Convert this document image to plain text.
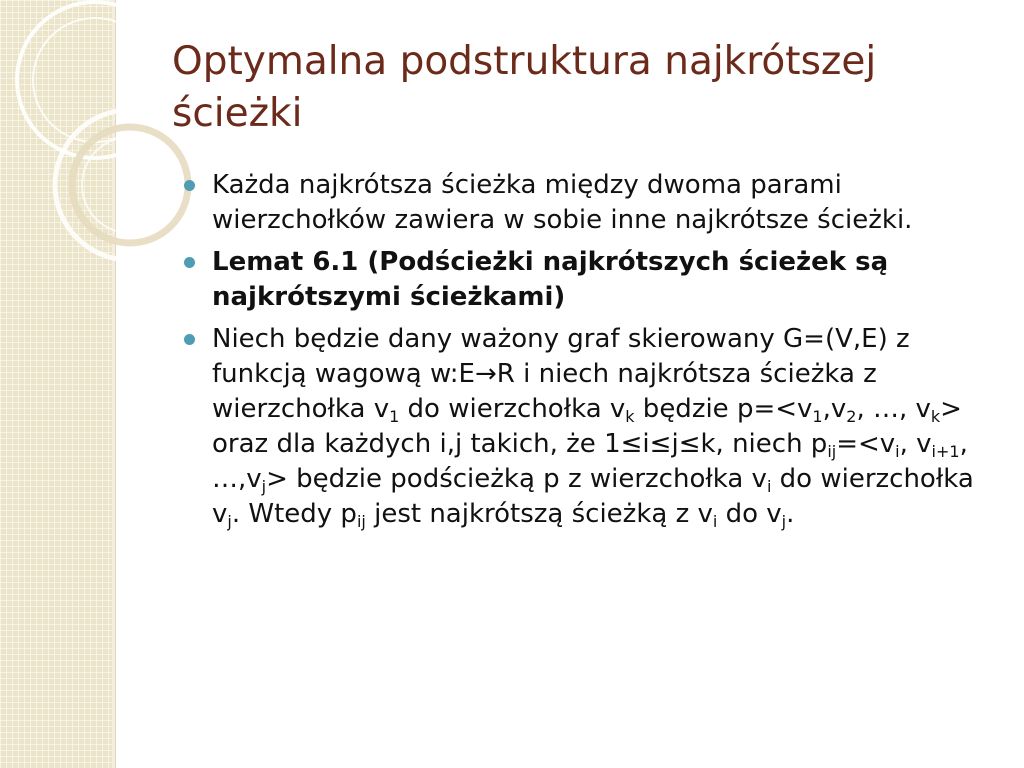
Optymalna podstruktura najkrótszej ścieżki
Każda najkrótsza ścieżka między dwoma parami wierzchołków zawiera w sobie inne najkrótsze ścieżki.
Lemat 6.1 (Podścieżki najkrótszych ścieżek są najkrótszymi ścieżkami)
Niech będzie dany ważony graf skierowany G=(V,E) z funkcją wagową w:E→R i niech najkrótsza ścieżka z wierzchołka $v_1$ do wierzchołka $v_k$ będzie $p=<v_1,v_2$, …, $v_k>$ oraz dla każdych i,j takich, że 1≤i≤j≤k, niech $p_{ij}=<v_i$, $v_{i+1}$, $\dots,v_j>$ będzie podścieżką p z wierzchołka $v_i$ do wierzchołka $v_j$. Wtedy $p_{ij}$ jest najkrótszą ścieżką z $v_i$ do $v_j$.
